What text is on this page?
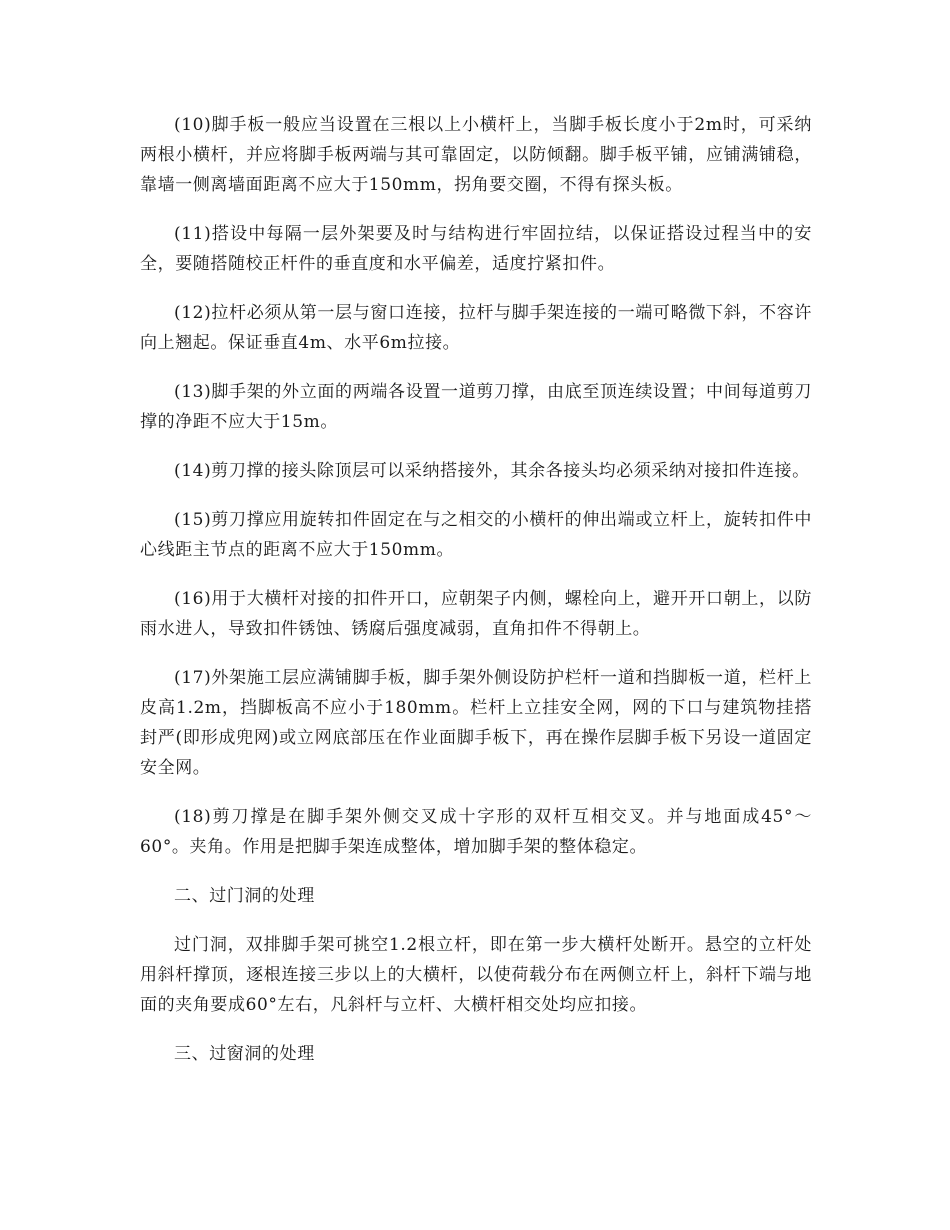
(10)脚手板一般应当设置在三根以上小横杆上，当脚手板长度小于2m时，可采纳两根小横杆，并应将脚手板两端与其可靠固定，以防倾翻。脚手板平铺，应铺满铺稳，靠墙一侧离墙面距离不应大于150mm，拐角要交圈，不得有探头板。

(11)搭设中每隔一层外架要及时与结构进行牢固拉结，以保证搭设过程当中的安全，要随搭随校正杆件的垂直度和水平偏差，适度拧紧扣件。

(12)拉杆必须从第一层与窗口连接，拉杆与脚手架连接的一端可略微下斜，不容许向上翘起。保证垂直4m、水平6m拉接。

(13)脚手架的外立面的两端各设置一道剪刀撑，由底至顶连续设置；中间每道剪刀撑的净距不应大于15m。

(14)剪刀撑的接头除顶层可以采纳搭接外，其余各接头均必须采纳对接扣件连接。

(15)剪刀撑应用旋转扣件固定在与之相交的小横杆的伸出端或立杆上，旋转扣件中心线距主节点的距离不应大于150mm。

(16)用于大横杆对接的扣件开口，应朝架子内侧，螺栓向上，避开开口朝上，以防雨水进人，导致扣件锈蚀、锈腐后强度减弱，直角扣件不得朝上。

(17)外架施工层应满铺脚手板，脚手架外侧设防护栏杆一道和挡脚板一道，栏杆上皮高1.2m，挡脚板高不应小于180mm。栏杆上立挂安全网，网的下口与建筑物挂搭封严(即形成兜网)或立网底部压在作业面脚手板下，再在操作层脚手板下另设一道固定安全网。

(18)剪刀撑是在脚手架外侧交叉成十字形的双杆互相交叉。并与地面成45°～60°。夹角。作用是把脚手架连成整体，增加脚手架的整体稳定。

二、过门洞的处理

过门洞，双排脚手架可挑空1.2根立杆，即在第一步大横杆处断开。悬空的立杆处用斜杆撑顶，逐根连接三步以上的大横杆，以使荷载分布在两侧立杆上，斜杆下端与地面的夹角要成60°左右，凡斜杆与立杆、大横杆相交处均应扣接。

三、过窗洞的处理
